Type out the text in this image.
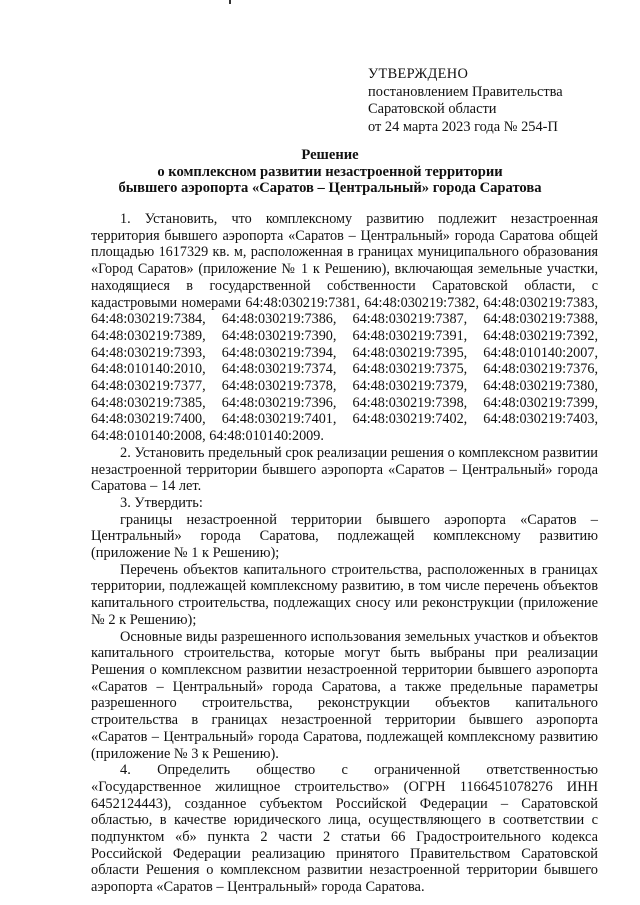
УТВЕРЖДЕНО
постановлением Правительства
Саратовской области
от 24 марта 2023 года № 254-П
Решение
о комплексном развитии незастроенной территории
бывшего аэропорта «Саратов – Центральный» города Саратова

1. Установить, что комплексному развитию подлежит незастроенная территория бывшего аэропорта «Саратов – Центральный» города Саратова общей площадью 1617329 кв. м, расположенная в границах муниципального образования «Город Саратов» (приложение № 1 к Решению), включающая земельные участки, находящиеся в государственной собственности Саратовской области, с кадастровыми номерами 64:48:030219:7381, 64:48:030219:7382, 64:48:030219:7383, 64:48:030219:7384, 64:48:030219:7386, 64:48:030219:7387, 64:48:030219:7388, 64:48:030219:7389, 64:48:030219:7390, 64:48:030219:7391, 64:48:030219:7392, 64:48:030219:7393, 64:48:030219:7394, 64:48:030219:7395, 64:48:010140:2007, 64:48:010140:2010, 64:48:030219:7374, 64:48:030219:7375, 64:48:030219:7376, 64:48:030219:7377, 64:48:030219:7378, 64:48:030219:7379, 64:48:030219:7380, 64:48:030219:7385, 64:48:030219:7396, 64:48:030219:7398, 64:48:030219:7399, 64:48:030219:7400, 64:48:030219:7401, 64:48:030219:7402, 64:48:030219:7403, 64:48:010140:2008, 64:48:010140:2009.

2. Установить предельный срок реализации решения о комплексном развитии незастроенной территории бывшего аэропорта «Саратов – Центральный» города Саратова – 14 лет.

3. Утвердить:

границы незастроенной территории бывшего аэропорта «Саратов – Центральный» города Саратова, подлежащей комплексному развитию (приложение № 1 к Решению);

Перечень объектов капитального строительства, расположенных в границах территории, подлежащей комплексному развитию, в том числе перечень объектов капитального строительства, подлежащих сносу или реконструкции (приложение № 2 к Решению);

Основные виды разрешенного использования земельных участков и объектов капитального строительства, которые могут быть выбраны при реализации Решения о комплексном развитии незастроенной территории бывшего аэропорта «Саратов – Центральный» города Саратова, а также предельные параметры разрешенного строительства, реконструкции объектов капитального строительства в границах незастроенной территории бывшего аэропорта «Саратов – Центральный» города Саратова, подлежащей комплексному развитию (приложение № 3 к Решению).

4. Определить общество с ограниченной ответственностью «Государственное жилищное строительство» (ОГРН 1166451078276 ИНН 6452124443), созданное субъектом Российской Федерации – Саратовской областью, в качестве юридического лица, осуществляющего в соответствии с подпунктом «б» пункта 2 части 2 статьи 66 Градостроительного кодекса Российской Федерации реализацию принятого Правительством Саратовской области Решения о комплексном развитии незастроенной территории бывшего аэропорта «Саратов – Центральный» города Саратова.
